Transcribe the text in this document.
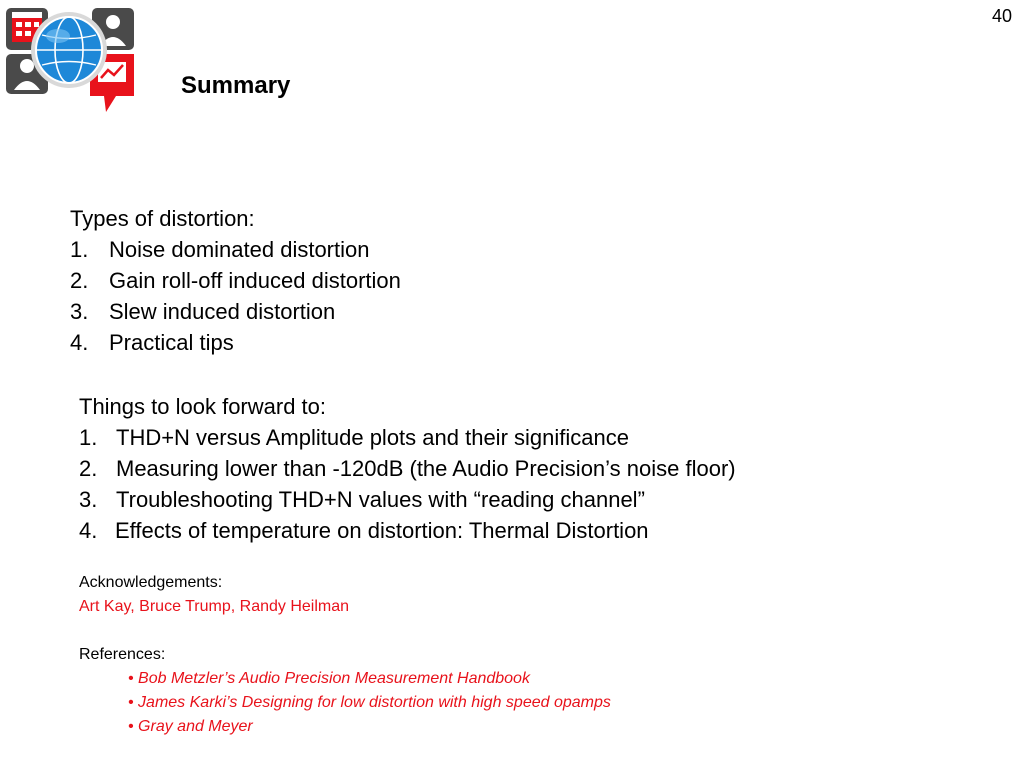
40
Summary
Types of distortion:
1. Noise dominated distortion
2. Gain roll-off induced distortion
3. Slew induced distortion
4. Practical tips
Things to look forward to:
1. THD+N versus Amplitude plots and their significance
2. Measuring lower than -120dB (the Audio Precision’s noise floor)
3. Troubleshooting THD+N values with “reading channel”
4. Effects of temperature on distortion: Thermal Distortion
Acknowledgements:
Art Kay, Bruce Trump, Randy Heilman
References:
• Bob Metzler’s Audio Precision Measurement Handbook
• James Karki’s Designing for low distortion with high speed opamps
• Gray and Meyer
